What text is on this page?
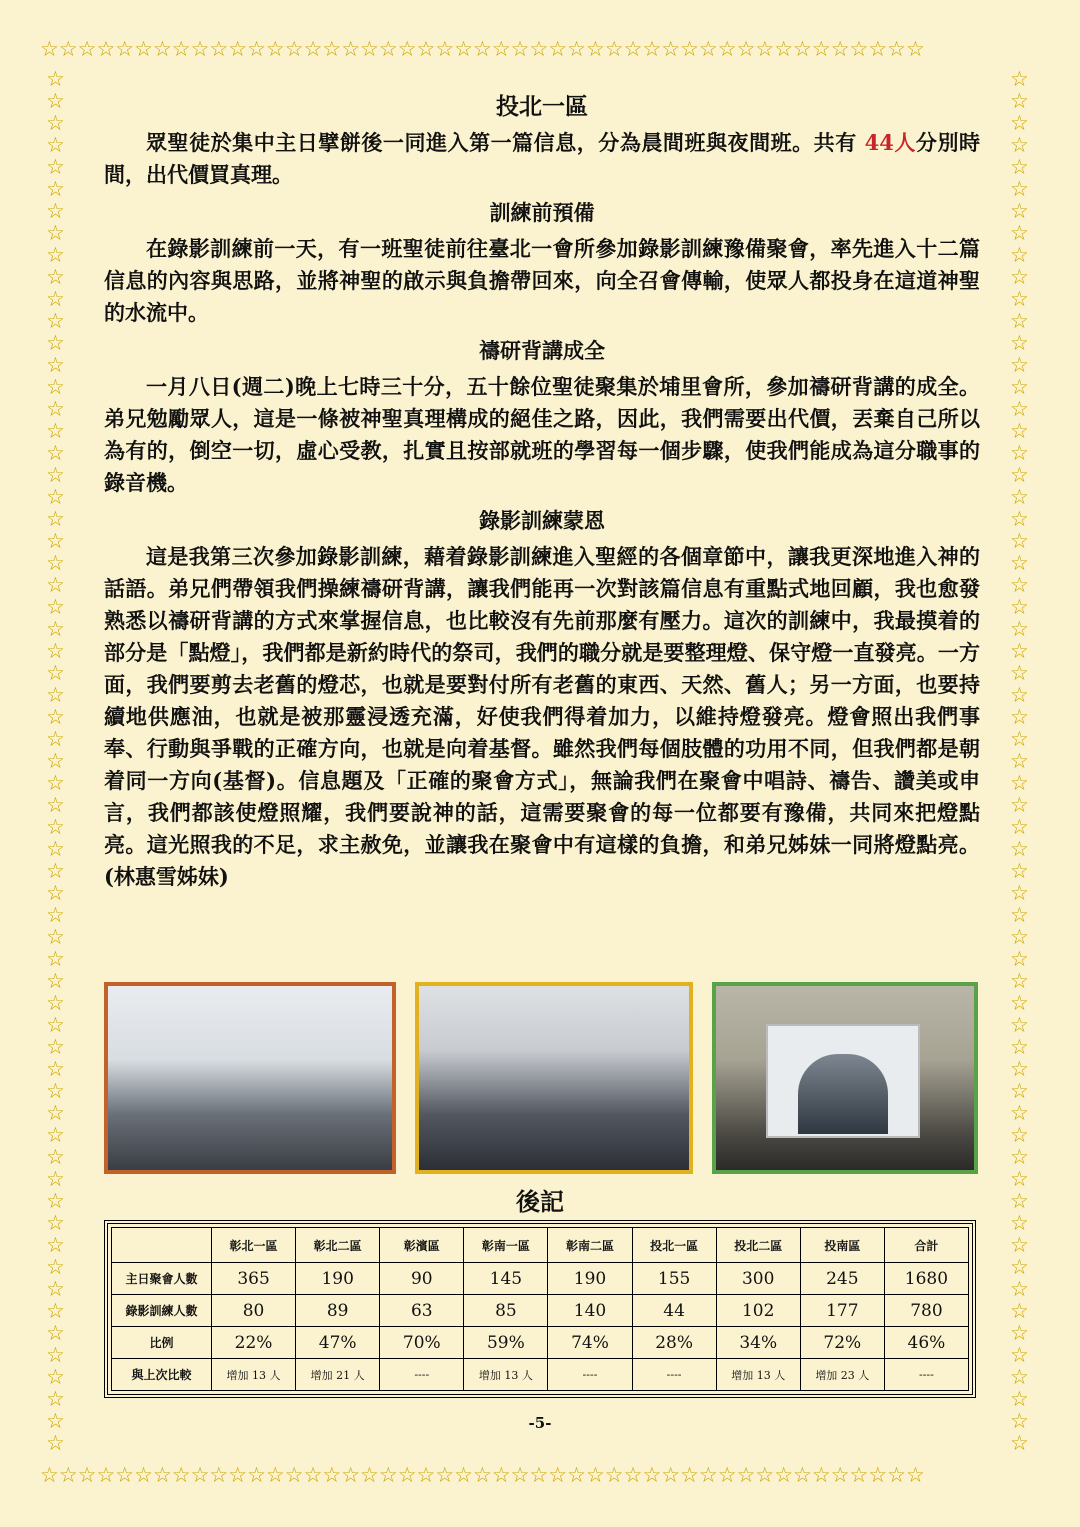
☆☆☆☆☆☆☆☆☆☆☆☆☆☆☆☆☆☆☆☆☆☆☆☆☆☆☆☆☆☆☆☆☆☆☆☆☆☆☆☆☆☆☆☆☆☆☆
☆☆☆☆☆☆☆☆☆☆☆☆☆☆☆☆☆☆☆☆☆☆☆☆☆☆☆☆☆☆☆☆☆☆☆☆☆☆☆☆☆☆☆☆☆☆☆
☆
☆
☆
☆
☆
☆
☆
☆
☆
☆
☆
☆
☆
☆
☆
☆
☆
☆
☆
☆
☆
☆
☆
☆
☆
☆
☆
☆
☆
☆
☆
☆
☆
☆
☆
☆
☆
☆
☆
☆
☆
☆
☆
☆
☆
☆
☆
☆
☆
☆
☆
☆
☆
☆
☆
☆
☆
☆
☆
☆
☆
☆
☆
☆
☆
☆
☆
☆
☆
☆
☆
☆
☆
☆
☆
☆
☆
☆
☆
☆
☆
☆
☆
☆
☆
☆
☆
☆
☆
☆
☆
☆
☆
☆
☆
☆
☆
☆
☆
☆
☆
☆
☆
☆
☆
☆
☆
☆
☆
☆
☆
☆
☆
☆
☆
☆
☆
☆
☆
☆
☆
☆
☆
☆
☆
☆
投北一區

眾聖徒於集中主日擘餅後一同進入第一篇信息，分為晨間班與夜間班。共有 44人分別時間，出代價買真理。

訓練前預備

在錄影訓練前一天，有一班聖徒前往臺北一會所參加錄影訓練豫備聚會，率先進入十二篇信息的內容與思路，並將神聖的啟示與負擔帶回來，向全召會傳輸，使眾人都投身在這道神聖的水流中。

禱研背講成全

一月八日(週二)晚上七時三十分，五十餘位聖徒聚集於埔里會所，參加禱研背講的成全。弟兄勉勵眾人，這是一條被神聖真理構成的絕佳之路，因此，我們需要出代價，丟棄自己所以為有的，倒空一切，虛心受教，扎實且按部就班的學習每一個步驟，使我們能成為這分職事的錄音機。

錄影訓練蒙恩

這是我第三次參加錄影訓練，藉着錄影訓練進入聖經的各個章節中，讓我更深地進入神的話語。弟兄們帶領我們操練禱研背講，讓我們能再一次對該篇信息有重點式地回顧，我也愈發熟悉以禱研背講的方式來掌握信息，也比較沒有先前那麼有壓力。這次的訓練中，我最摸着的部分是「點燈」，我們都是新約時代的祭司，我們的職分就是要整理燈、保守燈一直發亮。一方面，我們要剪去老舊的燈芯，也就是要對付所有老舊的東西、天然、舊人；另一方面，也要持續地供應油，也就是被那靈浸透充滿，好使我們得着加力，以維持燈發亮。燈會照出我們事奉、行動與爭戰的正確方向，也就是向着基督。雖然我們每個肢體的功用不同，但我們都是朝着同一方向(基督)。信息題及「正確的聚會方式」，無論我們在聚會中唱詩、禱告、讚美或申言，我們都該使燈照耀，我們要說神的話，這需要聚會的每一位都要有豫備，共同來把燈點亮。這光照我的不足，求主赦免，並讓我在聚會中有這樣的負擔，和弟兄姊妹一同將燈點亮。(林惠雪姊妹)

後記
	彰北一區	彰北二區	彰濱區	彰南一區	彰南二區	投北一區	投北二區	投南區	合計
主日聚會人數	365	190	90	145	190	155	300	245	1680
錄影訓練人數	80	89	63	85	140	44	102	177	780
比例	22%	47%	70%	59%	74%	28%	34%	72%	46%
與上次比較	增加 13 人	增加 21 人	----	增加 13 人	----	----	增加 13 人	增加 23 人	----
-5-
